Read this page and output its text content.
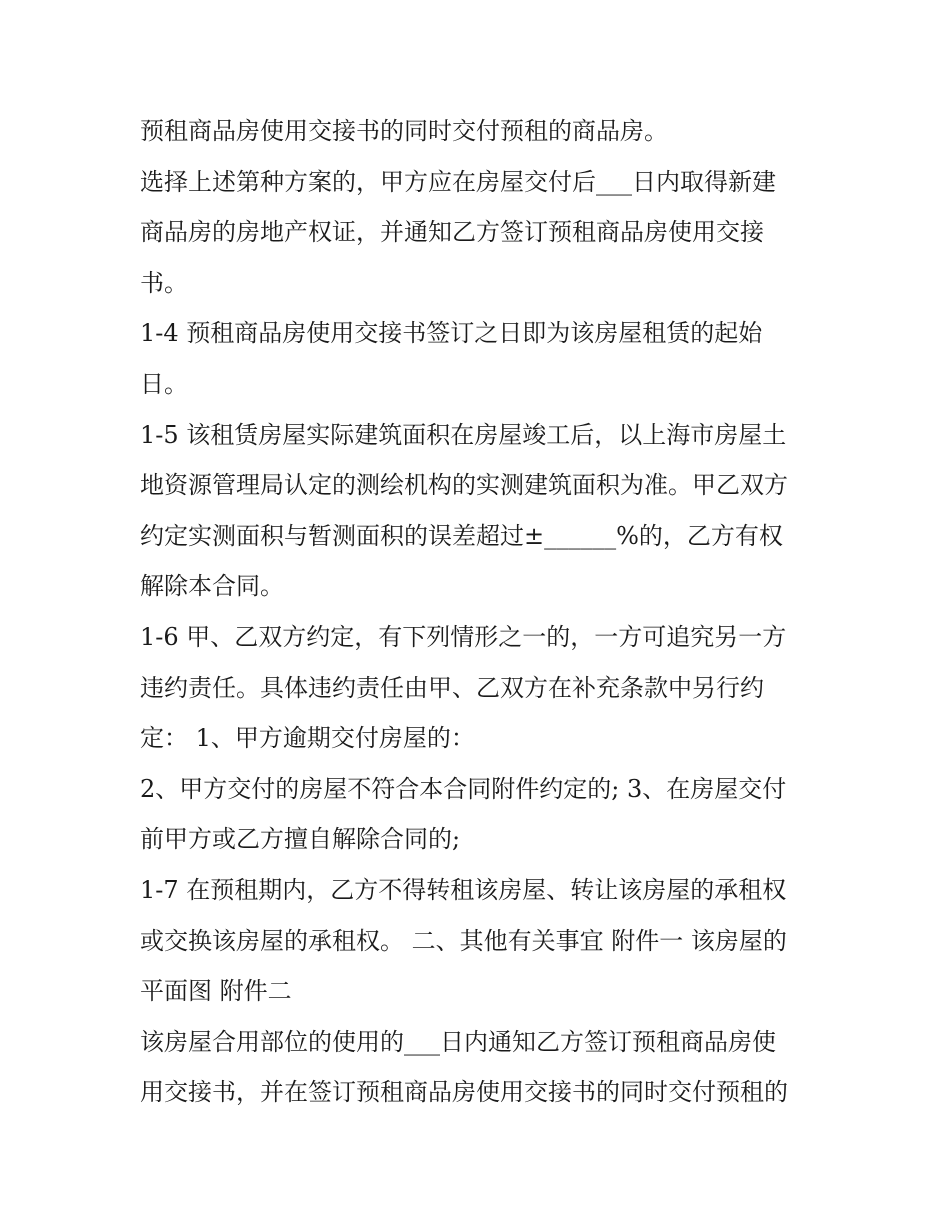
预租商品房使用交接书的同时交付预租的商品房。
选择上述第种方案的，甲方应在房屋交付后___日内取得新建
商品房的房地产权证，并通知乙方签订预租商品房使用交接
书。
1-4 预租商品房使用交接书签订之日即为该房屋租赁的起始
日。
1-5 该租赁房屋实际建筑面积在房屋竣工后，以上海市房屋土
地资源管理局认定的测绘机构的实测建筑面积为准。甲乙双方
约定实测面积与暂测面积的误差超过±______%的，乙方有权
解除本合同。
1-6 甲、乙双方约定，有下列情形之一的，一方可追究另一方
违约责任。具体违约责任由甲、乙双方在补充条款中另行约
定： 1、甲方逾期交付房屋的：
2、甲方交付的房屋不符合本合同附件约定的; 3、在房屋交付
前甲方或乙方擅自解除合同的;
1-7 在预租期内，乙方不得转租该房屋、转让该房屋的承租权
或交换该房屋的承租权。 二、其他有关事宜 附件一 该房屋的
平面图 附件二
该房屋合用部位的使用的___日内通知乙方签订预租商品房使
用交接书，并在签订预租商品房使用交接书的同时交付预租的
